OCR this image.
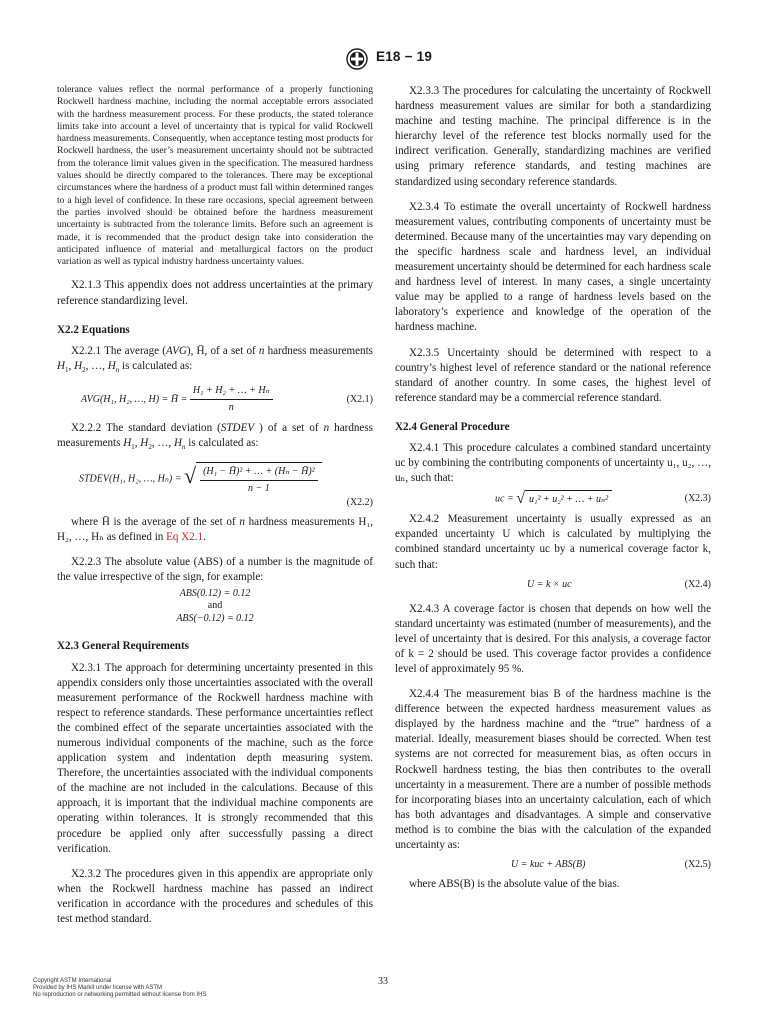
E18 − 19

tolerance values reflect the normal performance of a properly functioning Rockwell hardness machine, including the normal acceptable errors associated with the hardness measurement process. For these products, the stated tolerance limits take into account a level of uncertainty that is typical for valid Rockwell hardness measurements. Consequently, when acceptance testing most products for Rockwell hardness, the user’s measurement uncertainty should not be subtracted from the tolerance limit values given in the specification. The measured hardness values should be directly compared to the tolerances. There may be exceptional circumstances where the hardness of a product must fall within determined ranges to a high level of confidence. In these rare occasions, special agreement between the parties involved should be obtained before the hardness measurement uncertainty is subtracted from the tolerance limits. Before such an agreement is made, it is recommended that the product design take into consideration the anticipated influence of material and metallurgical factors on the product variation as well as typical industry hardness uncertainty values.

X2.1.3 This appendix does not address uncertainties at the primary reference standardizing level.

X2.2 Equations

X2.2.1 The average (AVG), H̄, of a set of n hardness measurements $H_1$, $H_2$, …, $H_n$ is calculated as:

AVG(H₁, H₂, …, H) = H̄ = $\frac{\text{H₁ + H₂ + … + Hₙ}}{n}$	(X2.1)

X2.2.2 The standard deviation (STDEV ) of a set of n hardness measurements $H_1$, $H_2$, …, $H_n$ is calculated as:

STDEV(H₁, H₂, …, Hₙ) = √ $\frac{\text{(H₁ − H̄)² + … + (Hₙ − H̄)²}}{n - 1}$
(X2.2)

where H̄ is the average of the set of n hardness measurements H₁, H₂, …, Hₙ as defined in Eq X2.1.

X2.2.3 The absolute value (ABS) of a number is the magnitude of the value irrespective of the sign, for example:

ABS(0.12) = 0.12
and
ABS(−0.12) = 0.12
X2.3 General Requirements

X2.3.1 The approach for determining uncertainty presented in this appendix considers only those uncertainties associated with the overall measurement performance of the Rockwell hardness machine with respect to reference standards. These performance uncertainties reflect the combined effect of the separate uncertainties associated with the numerous individual components of the machine, such as the force application system and indentation depth measuring system. Therefore, the uncertainties associated with the individual components of the machine are not included in the calculations. Because of this approach, it is important that the individual machine components are operating within tolerances. It is strongly recommended that this procedure be applied only after successfully passing a direct verification.

X2.3.2 The procedures given in this appendix are appropriate only when the Rockwell hardness machine has passed an indirect verification in accordance with the procedures and schedules of this test method standard.

X2.3.3 The procedures for calculating the uncertainty of Rockwell hardness measurement values are similar for both a standardizing machine and testing machine. The principal difference is in the hierarchy level of the reference test blocks normally used for the indirect verification. Generally, standardizing machines are verified using primary reference standards, and testing machines are standardized using secondary reference standards.

X2.3.4 To estimate the overall uncertainty of Rockwell hardness measurement values, contributing components of uncertainty must be determined. Because many of the uncertainties may vary depending on the specific hardness scale and hardness level, an individual measurement uncertainty should be determined for each hardness scale and hardness level of interest. In many cases, a single uncertainty value may be applied to a range of hardness levels based on the laboratory’s experience and knowledge of the operation of the hardness machine.

X2.3.5 Uncertainty should be determined with respect to a country’s highest level of reference standard or the national reference standard of another country. In some cases, the highest level of reference standard may be a commercial reference standard.

X2.4 General Procedure

X2.4.1 This procedure calculates a combined standard uncertainty uc by combining the contributing components of uncertainty u₁, u₂, …, uₙ, such that:

uc = √ u₁² + u₂² + … + uₙ²	(X2.3)

X2.4.2 Measurement uncertainty is usually expressed as an expanded uncertainty U which is calculated by multiplying the combined standard uncertainty uc by a numerical coverage factor k, such that:

U = k × uc	(X2.4)

X2.4.3 A coverage factor is chosen that depends on how well the standard uncertainty was estimated (number of measurements), and the level of uncertainty that is desired. For this analysis, a coverage factor of k = 2 should be used. This coverage factor provides a confidence level of approximately 95 %.

X2.4.4 The measurement bias B of the hardness machine is the difference between the expected hardness measurement values as displayed by the hardness machine and the “true” hardness of a material. Ideally, measurement biases should be corrected. When test systems are not corrected for measurement bias, as often occurs in Rockwell hardness testing, the bias then contributes to the overall uncertainty in a measurement. There are a number of possible methods for incorporating biases into an uncertainty calculation, each of which has both advantages and disadvantages. A simple and conservative method is to combine the bias with the calculation of the expanded uncertainty as:

U = kuc + ABS(B)	(X2.5)

where ABS(B) is the absolute value of the bias.

Copyright ASTM International
Provided by IHS Markit under license with ASTM
No reproduction or networking permitted without license from IHS
33
